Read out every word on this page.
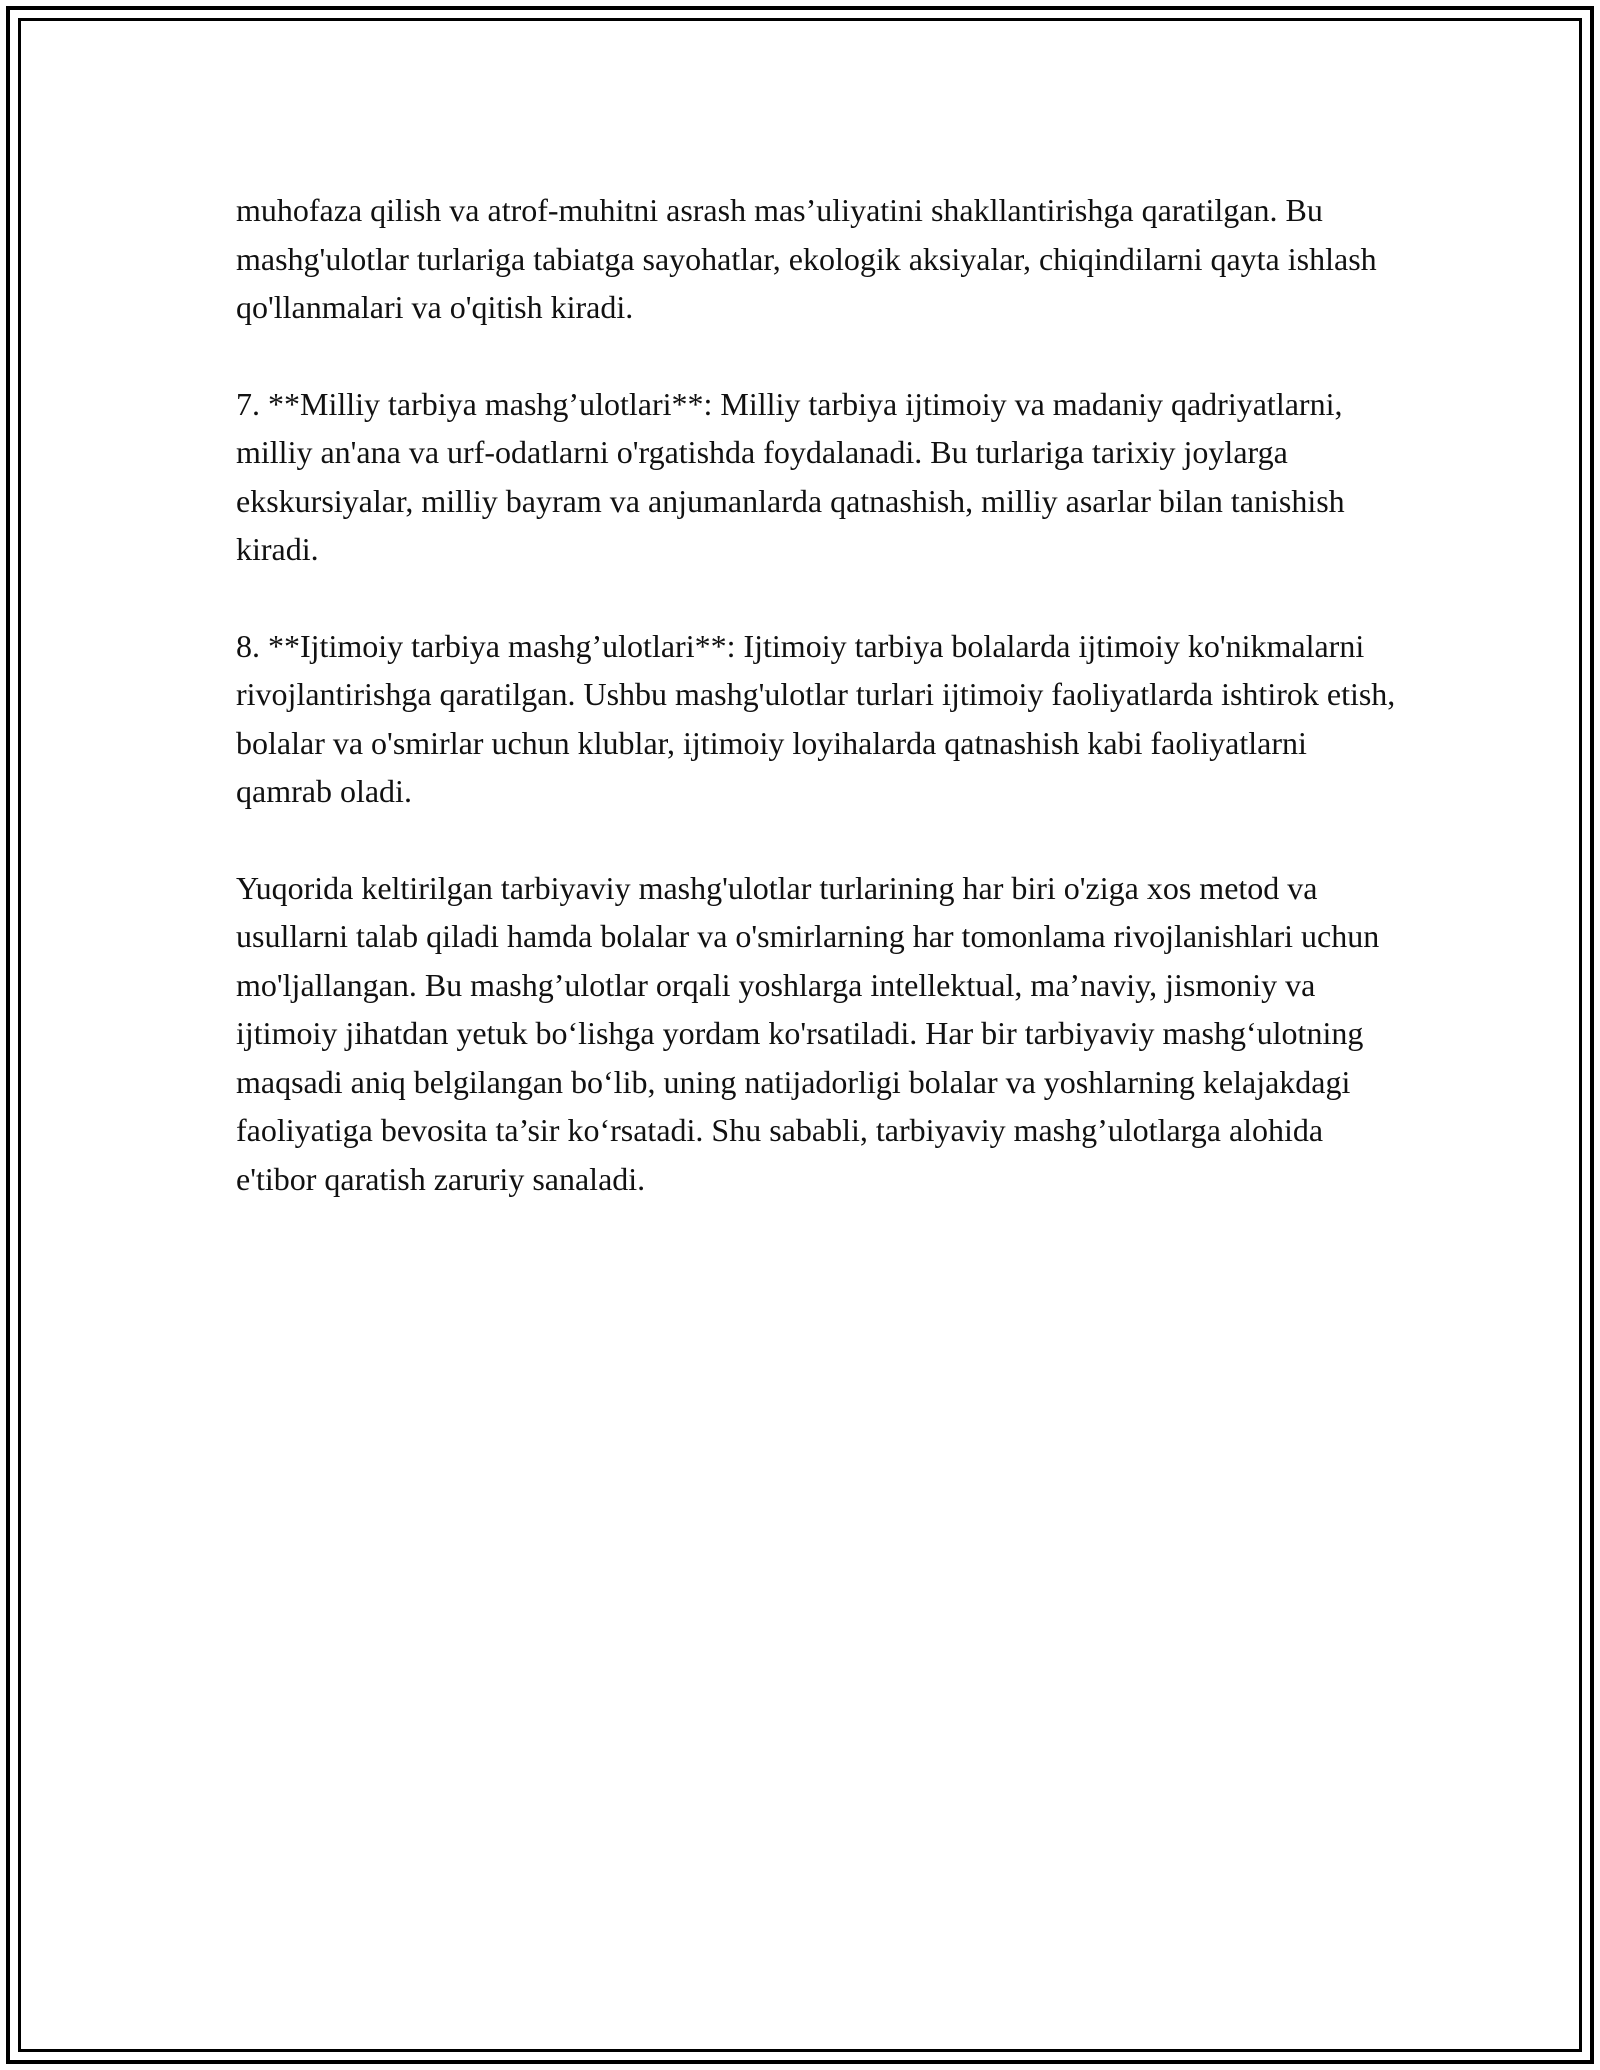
muhofaza qilish va atrof-muhitni asrash mas’uliyatini shakllantirishga qaratilgan. Bu mashg'ulotlar turlariga tabiatga sayohatlar, ekologik aksiyalar, chiqindilarni qayta ishlash qo'llanmalari va o'qitish kiradi.

7. **Milliy tarbiya mashg’ulotlari**: Milliy tarbiya ijtimoiy va madaniy qadriyatlarni, milliy an'ana va urf-odatlarni o'rgatishda foydalanadi. Bu turlariga tarixiy joylarga ekskursiyalar, milliy bayram va anjumanlarda qatnashish, milliy asarlar bilan tanishish kiradi.

8. **Ijtimoiy tarbiya mashg’ulotlari**: Ijtimoiy tarbiya bolalarda ijtimoiy ko'nikmalarni rivojlantirishga qaratilgan. Ushbu mashg'ulotlar turlari ijtimoiy faoliyatlarda ishtirok etish, bolalar va o'smirlar uchun klublar, ijtimoiy loyihalarda qatnashish kabi faoliyatlarni qamrab oladi.

Yuqorida keltirilgan tarbiyaviy mashg'ulotlar turlarining har biri o'ziga xos metod va usullarni talab qiladi hamda bolalar va o'smirlarning har tomonlama rivojlanishlari uchun mo'ljallangan. Bu mashg’ulotlar orqali yoshlarga intellektual, ma’naviy, jismoniy va ijtimoiy jihatdan yetuk bo‘lishga yordam ko'rsatiladi. Har bir tarbiyaviy mashg‘ulotning maqsadi aniq belgilangan bo‘lib, uning natijadorligi bolalar va yoshlarning kelajakdagi faoliyatiga bevosita ta’sir ko‘rsatadi. Shu sababli, tarbiyaviy mashg’ulotlarga alohida e'tibor qaratish zaruriy sanaladi.
